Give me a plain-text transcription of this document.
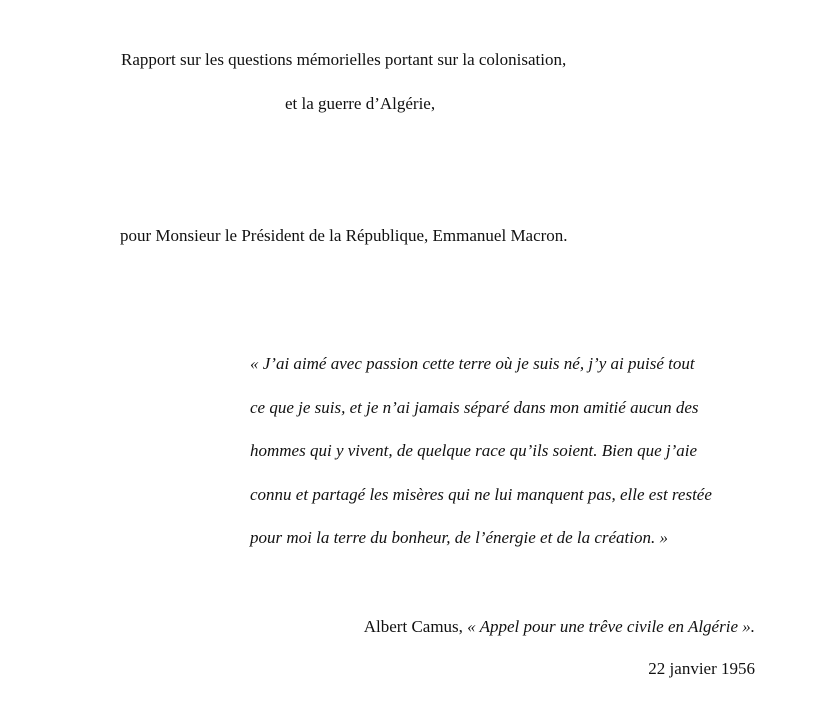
Rapport sur les questions mémorielles portant sur la colonisation,
et la guerre d’Algérie,
pour Monsieur le Président de la République, Emmanuel Macron.
« J’ai aimé avec passion cette terre où je suis né, j’y ai puisé tout
ce que je suis, et je n’ai jamais séparé dans mon amitié aucun des
hommes qui y vivent, de quelque race qu’ils soient. Bien que j’aie
connu et partagé les misères qui ne lui manquent pas, elle est restée
pour moi la terre du bonheur, de l’énergie et de la création. »
Albert Camus, « Appel pour une trêve civile en Algérie ».
22 janvier 1956
